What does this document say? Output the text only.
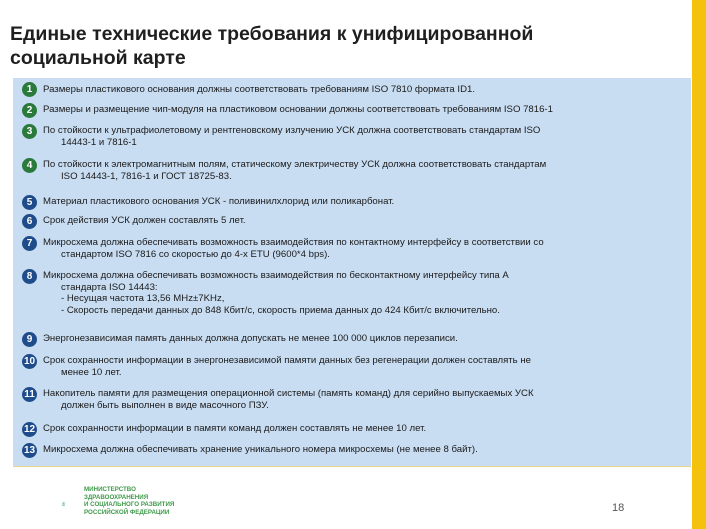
Единые технические требования к унифицированной
социальной карте
1	Размеры пластикового основания должны соответствовать требованиям ISO 7810 формата ID1.
2	Размеры и размещение чип-модуля на пластиковом основании должны соответствовать требованиям ISO 7816-1
3	По стойкости к ультрафиолетовому и рентгеновскому излучению УСК должна соответствовать стандартам ISO
14443-1 и 7816-1
4	По стойкости к электромагнитным полям, статическому электричеству УСК должна соответствовать стандартам
ISO 14443-1, 7816-1 и ГОСТ 18725-83.
5	Материал пластикового основания УСК - поливинилхлорид или поликарбонат.
6	Срок действия УСК должен составлять 5 лет.
7	Микросхема должна обеспечивать возможность взаимодействия по контактному интерфейсу в соответствии со
стандартом ISO 7816 со скоростью до 4-х ETU (9600*4 bps).
8	Микросхема должна обеспечивать возможность взаимодействия по бесконтактному интерфейсу типа А
стандарта ISO 14443:
- Несущая частота 13,56 MHz±7KHz,
- Скорость передачи данных до 848 Кбит/с, скорость приема данных до 424 Кбит/с включительно.
9	Энергонезависимая память данных должна допускать не менее 100 000 циклов перезаписи.
10 Срок сохранности информации в энергонезависимой памяти данных без регенерации должен составлять не
менее 10 лет.
11 Накопитель памяти для размещения операционной системы (память команд) для серийно выпускаемых УСК
должен быть выполнен в виде масочного ПЗУ.
12 Срок сохранности информации в памяти команд должен составлять не менее 10 лет.
13 Микросхема должна обеспечивать хранение уникального номера микросхемы (не менее 8 байт).
МИНИСТЕРСТВО
ЗДРАВООХРАНЕНИЯ
И СОЦИАЛЬНОГО РАЗВИТИЯ
РОССИЙСКОЙ ФЕДЕРАЦИИ	18
